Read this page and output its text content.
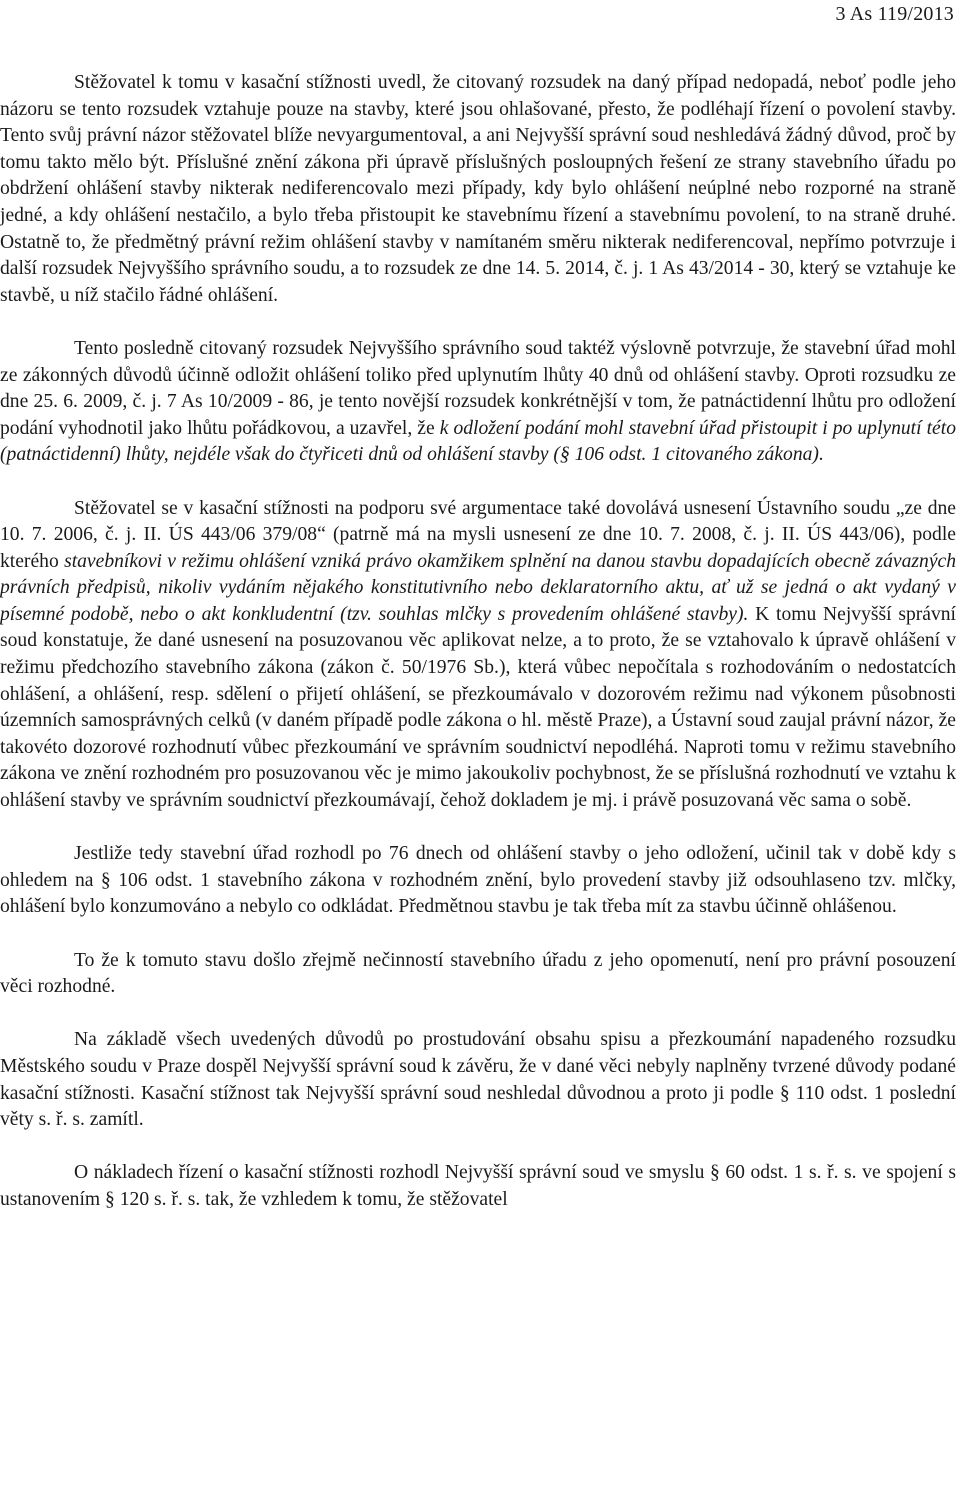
3 As 119/2013

Stěžovatel k tomu v kasační stížnosti uvedl, že citovaný rozsudek na daný případ nedopadá, neboť podle jeho názoru se tento rozsudek vztahuje pouze na stavby, které jsou ohlašované, přesto, že podléhají řízení o povolení stavby. Tento svůj právní názor stěžovatel blíže nevyargumentoval, a ani Nejvyšší správní soud neshledává žádný důvod, proč by tomu takto mělo být. Příslušné znění zákona při úpravě příslušných posloupných řešení ze strany stavebního úřadu po obdržení ohlášení stavby nikterak nediferencovalo mezi případy, kdy bylo ohlášení neúplné nebo rozporné na straně jedné, a kdy ohlášení nestačilo, a bylo třeba přistoupit ke stavebnímu řízení a stavebnímu povolení, to na straně druhé. Ostatně to, že předmětný právní režim ohlášení stavby v namítaném směru nikterak nediferencoval, nepřímo potvrzuje i další rozsudek Nejvyššího správního soudu, a to rozsudek ze dne 14. 5. 2014, č. j. 1 As 43/2014 - 30, který se vztahuje ke stavbě, u níž stačilo řádné ohlášení.

Tento posledně citovaný rozsudek Nejvyššího správního soud taktéž výslovně potvrzuje, že stavební úřad mohl ze zákonných důvodů účinně odložit ohlášení toliko před uplynutím lhůty 40 dnů od ohlášení stavby. Oproti rozsudku ze dne 25. 6. 2009, č. j. 7 As 10/2009 - 86, je tento novější rozsudek konkrétnější v tom, že patnáctidenní lhůtu pro odložení podání vyhodnotil jako lhůtu pořádkovou, a uzavřel, že k odložení podání mohl stavební úřad přistoupit i po uplynutí této (patnáctidenní) lhůty, nejdéle však do čtyřiceti dnů od ohlášení stavby (§ 106 odst. 1 citovaného zákona).

Stěžovatel se v kasační stížnosti na podporu své argumentace také dovolává usnesení Ústavního soudu „ze dne 10. 7. 2006, č. j. II. ÚS 443/06 379/08“ (patrně má na mysli usnesení ze dne 10. 7. 2008, č. j. II. ÚS 443/06), podle kterého stavebníkovi v režimu ohlášení vzniká právo okamžikem splnění na danou stavbu dopadajících obecně závazných právních předpisů, nikoliv vydáním nějakého konstitutivního nebo deklaratorního aktu, ať už se jedná o akt vydaný v písemné podobě, nebo o akt konkludentní (tzv. souhlas mlčky s provedením ohlášené stavby). K tomu Nejvyšší správní soud konstatuje, že dané usnesení na posuzovanou věc aplikovat nelze, a to proto, že se vztahovalo k úpravě ohlášení v režimu předchozího stavebního zákona (zákon č. 50/1976 Sb.), která vůbec nepočítala s rozhodováním o nedostatcích ohlášení, a ohlášení, resp. sdělení o přijetí ohlášení, se přezkoumávalo v dozorovém režimu nad výkonem působnosti územních samosprávných celků (v daném případě podle zákona o hl. městě Praze), a Ústavní soud zaujal právní názor, že takovéto dozorové rozhodnutí vůbec přezkoumání ve správním soudnictví nepodléhá. Naproti tomu v režimu stavebního zákona ve znění rozhodném pro posuzovanou věc je mimo jakoukoliv pochybnost, že se příslušná rozhodnutí ve vztahu k ohlášení stavby ve správním soudnictví přezkoumávají, čehož dokladem je mj. i právě posuzovaná věc sama o sobě.

Jestliže tedy stavební úřad rozhodl po 76 dnech od ohlášení stavby o jeho odložení, učinil tak v době kdy s ohledem na § 106 odst. 1 stavebního zákona v rozhodném znění, bylo provedení stavby již odsouhlaseno tzv. mlčky, ohlášení bylo konzumováno a nebylo co odkládat. Předmětnou stavbu je tak třeba mít za stavbu účinně ohlášenou.

To že k tomuto stavu došlo zřejmě nečinností stavebního úřadu z jeho opomenutí, není pro právní posouzení věci rozhodné.

Na základě všech uvedených důvodů po prostudování obsahu spisu a přezkoumání napadeného rozsudku Městského soudu v Praze dospěl Nejvyšší správní soud k závěru, že v dané věci nebyly naplněny tvrzené důvody podané kasační stížnosti. Kasační stížnost tak Nejvyšší správní soud neshledal důvodnou a proto ji podle § 110 odst. 1 poslední věty s. ř. s. zamítl.

O nákladech řízení o kasační stížnosti rozhodl Nejvyšší správní soud ve smyslu § 60 odst. 1 s. ř. s. ve spojení s ustanovením § 120 s. ř. s. tak, že vzhledem k tomu, že stěžovatel
